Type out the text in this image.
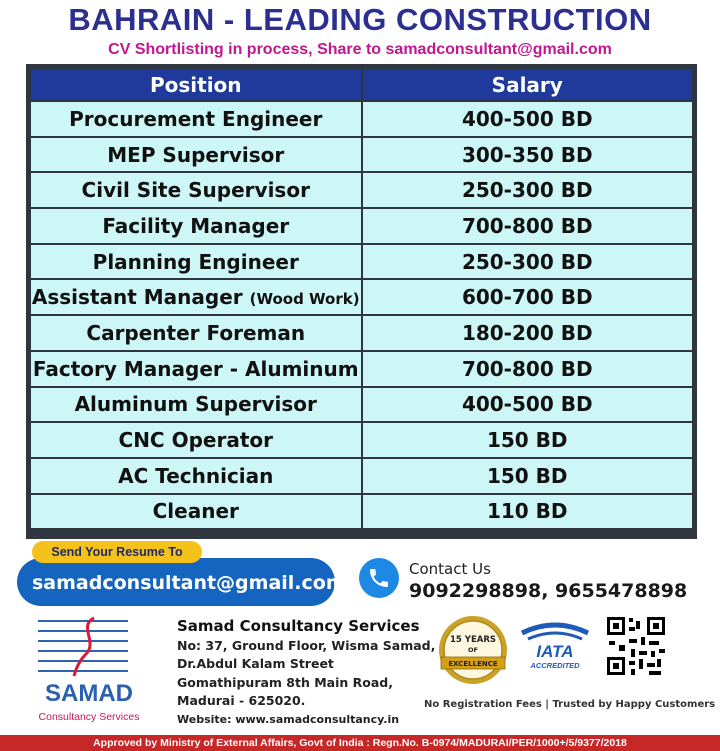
BAHRAIN - LEADING CONSTRUCTION
CV Shortlisting in process, Share to samadconsultant@gmail.com
Position	Salary
Procurement Engineer	400-500 BD
MEP Supervisor	300-350 BD
Civil Site Supervisor	250-300 BD
Facility Manager	700-800 BD
Planning Engineer	250-300 BD
Assistant Manager (Wood Work)	600-700 BD
Carpenter Foreman	180-200 BD
Factory Manager - Aluminum	700-800 BD
Aluminum Supervisor	400-500 BD
CNC Operator	150 BD
AC Technician	150 BD
Cleaner	110 BD
samadconsultant@gmail.com
Send Your Resume To
Contact Us
9092298898, 9655478898
SAMAD
Consultancy Services
Samad Consultancy Services
No: 37, Ground Floor, Wisma Samad,
Dr.Abdul Kalam Street
Gomathipuram 8th Main Road,
Madurai - 625020.
Website: www.samadconsultancy.in
15 YEARS
OF
EXCELLENCE
IATA
ACCREDITED
No Registration Fees | Trusted by Happy Customers
Approved by Ministry of External Affairs, Govt of India : Regn.No. B-0974/MADURAI/PER/1000+/5/9377/2018
